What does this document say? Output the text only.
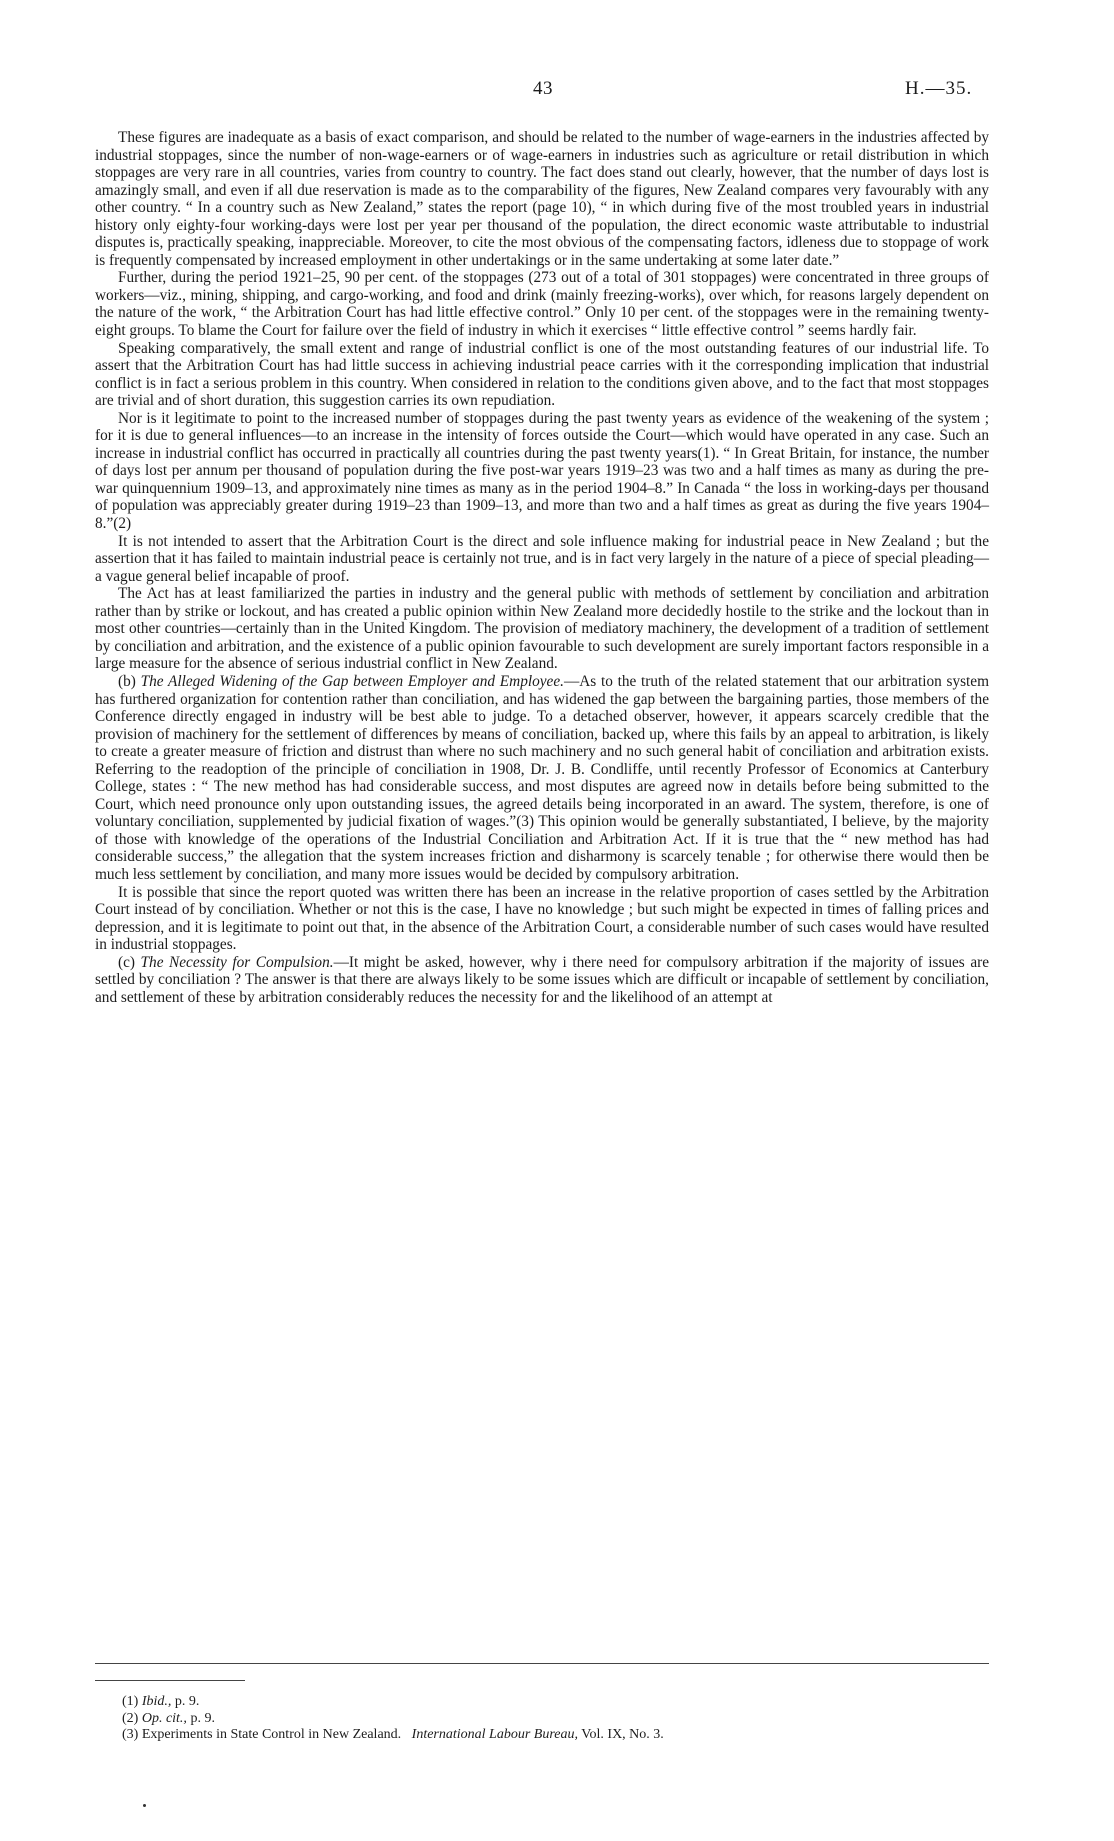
43	H.—35.

These figures are inadequate as a basis of exact comparison, and should be related to the number of wage-earners in the industries affected by industrial stoppages, since the number of non-wage-earners or of wage-earners in industries such as agriculture or retail distribution in which stoppages are very rare in all countries, varies from country to country. The fact does stand out clearly, however, that the number of days lost is amazingly small, and even if all due reservation is made as to the comparability of the figures, New Zealand compares very favourably with any other country. “ In a country such as New Zealand,” states the report (page 10), “ in which during five of the most troubled years in industrial history only eighty-four working-days were lost per year per thousand of the population, the direct economic waste attributable to industrial disputes is, practically speaking, inappreciable. Moreover, to cite the most obvious of the compensating factors, idleness due to stoppage of work is frequently compensated by increased employment in other undertakings or in the same undertaking at some later date.”

Further, during the period 1921–25, 90 per cent. of the stoppages (273 out of a total of 301 stoppages) were concentrated in three groups of workers—viz., mining, shipping, and cargo-working, and food and drink (mainly freezing-works), over which, for reasons largely dependent on the nature of the work, “ the Arbitration Court has had little effective control.” Only 10 per cent. of the stoppages were in the remaining twenty-eight groups. To blame the Court for failure over the field of industry in which it exercises “ little effective control ” seems hardly fair.

Speaking comparatively, the small extent and range of industrial conflict is one of the most outstanding features of our industrial life. To assert that the Arbitration Court has had little success in achieving industrial peace carries with it the corresponding implication that industrial conflict is in fact a serious problem in this country. When considered in relation to the conditions given above, and to the fact that most stoppages are trivial and of short duration, this suggestion carries its own repudiation.

Nor is it legitimate to point to the increased number of stoppages during the past twenty years as evidence of the weakening of the system ; for it is due to general influences—to an increase in the intensity of forces outside the Court—which would have operated in any case. Such an increase in industrial conflict has occurred in practically all countries during the past twenty years(1). “ In Great Britain, for instance, the number of days lost per annum per thousand of population during the five post-war years 1919–23 was two and a half times as many as during the pre-war quinquennium 1909–13, and approximately nine times as many as in the period 1904–8.” In Canada “ the loss in working-days per thousand of population was appreciably greater during 1919–23 than 1909–13, and more than two and a half times as great as during the five years 1904–8.”(2)

It is not intended to assert that the Arbitration Court is the direct and sole influence making for industrial peace in New Zealand ; but the assertion that it has failed to maintain industrial peace is certainly not true, and is in fact very largely in the nature of a piece of special pleading—a vague general belief incapable of proof.

The Act has at least familiarized the parties in industry and the general public with methods of settlement by conciliation and arbitration rather than by strike or lockout, and has created a public opinion within New Zealand more decidedly hostile to the strike and the lockout than in most other countries—certainly than in the United Kingdom. The provision of mediatory machinery, the development of a tradition of settlement by conciliation and arbitration, and the existence of a public opinion favourable to such development are surely important factors responsible in a large measure for the absence of serious industrial conflict in New Zealand.

(b) The Alleged Widening of the Gap between Employer and Employee.—As to the truth of the related statement that our arbitration system has furthered organization for contention rather than conciliation, and has widened the gap between the bargaining parties, those members of the Conference directly engaged in industry will be best able to judge. To a detached observer, however, it appears scarcely credible that the provision of machinery for the settlement of differences by means of conciliation, backed up, where this fails by an appeal to arbitration, is likely to create a greater measure of friction and distrust than where no such machinery and no such general habit of conciliation and arbitration exists. Referring to the readoption of the principle of conciliation in 1908, Dr. J. B. Condliffe, until recently Professor of Economics at Canterbury College, states : “ The new method has had considerable success, and most disputes are agreed now in details before being submitted to the Court, which need pronounce only upon outstanding issues, the agreed details being incorporated in an award. The system, therefore, is one of voluntary conciliation, supplemented by judicial fixation of wages.”(3) This opinion would be generally substantiated, I believe, by the majority of those with knowledge of the operations of the Industrial Conciliation and Arbitration Act. If it is true that the “ new method has had considerable success,” the allegation that the system increases friction and disharmony is scarcely tenable ; for otherwise there would then be much less settlement by conciliation, and many more issues would be decided by compulsory arbitration.

It is possible that since the report quoted was written there has been an increase in the relative proportion of cases settled by the Arbitration Court instead of by conciliation. Whether or not this is the case, I have no knowledge ; but such might be expected in times of falling prices and depression, and it is legitimate to point out that, in the absence of the Arbitration Court, a considerable number of such cases would have resulted in industrial stoppages.

(c) The Necessity for Compulsion.—It might be asked, however, why i there need for compulsory arbitration if the majority of issues are settled by conciliation ? The answer is that there are always likely to be some issues which are difficult or incapable of settlement by conciliation, and settlement of these by arbitration considerably reduces the necessity for and the likelihood of an attempt at

(1) Ibid., p. 9.
(2) Op. cit., p. 9.
(3) Experiments in State Control in New Zealand. International Labour Bureau, Vol. IX, No. 3.
